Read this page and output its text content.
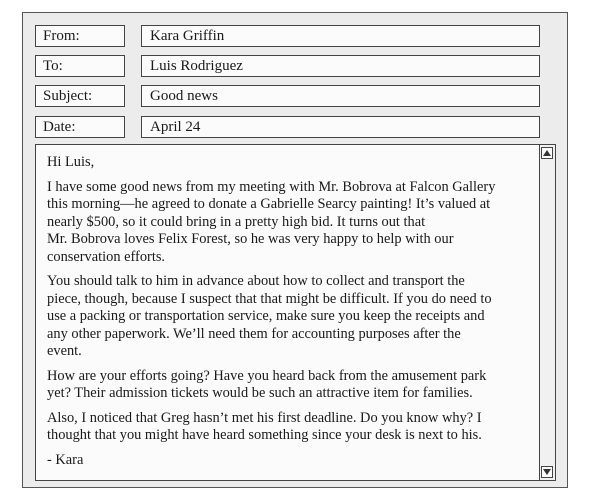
From:	Kara Griffin
To:	Luis Rodriguez
Subject:	Good news
Date:	April 24

Hi Luis,

I have some good news from my meeting with Mr. Bobrova at Falcon Gallery
this morning—he agreed to donate a Gabrielle Searcy painting! It’s valued at
nearly $500, so it could bring in a pretty high bid. It turns out that
Mr. Bobrova loves Felix Forest, so he was very happy to help with our
conservation efforts.

You should talk to him in advance about how to collect and transport the
piece, though, because I suspect that that might be difficult. If you do need to
use a packing or transportation service, make sure you keep the receipts and
any other paperwork. We’ll need them for accounting purposes after the
event.

How are your efforts going? Have you heard back from the amusement park
yet? Their admission tickets would be such an attractive item for families.

Also, I noticed that Greg hasn’t met his first deadline. Do you know why? I
thought that you might have heard something since your desk is next to his.

- Kara
